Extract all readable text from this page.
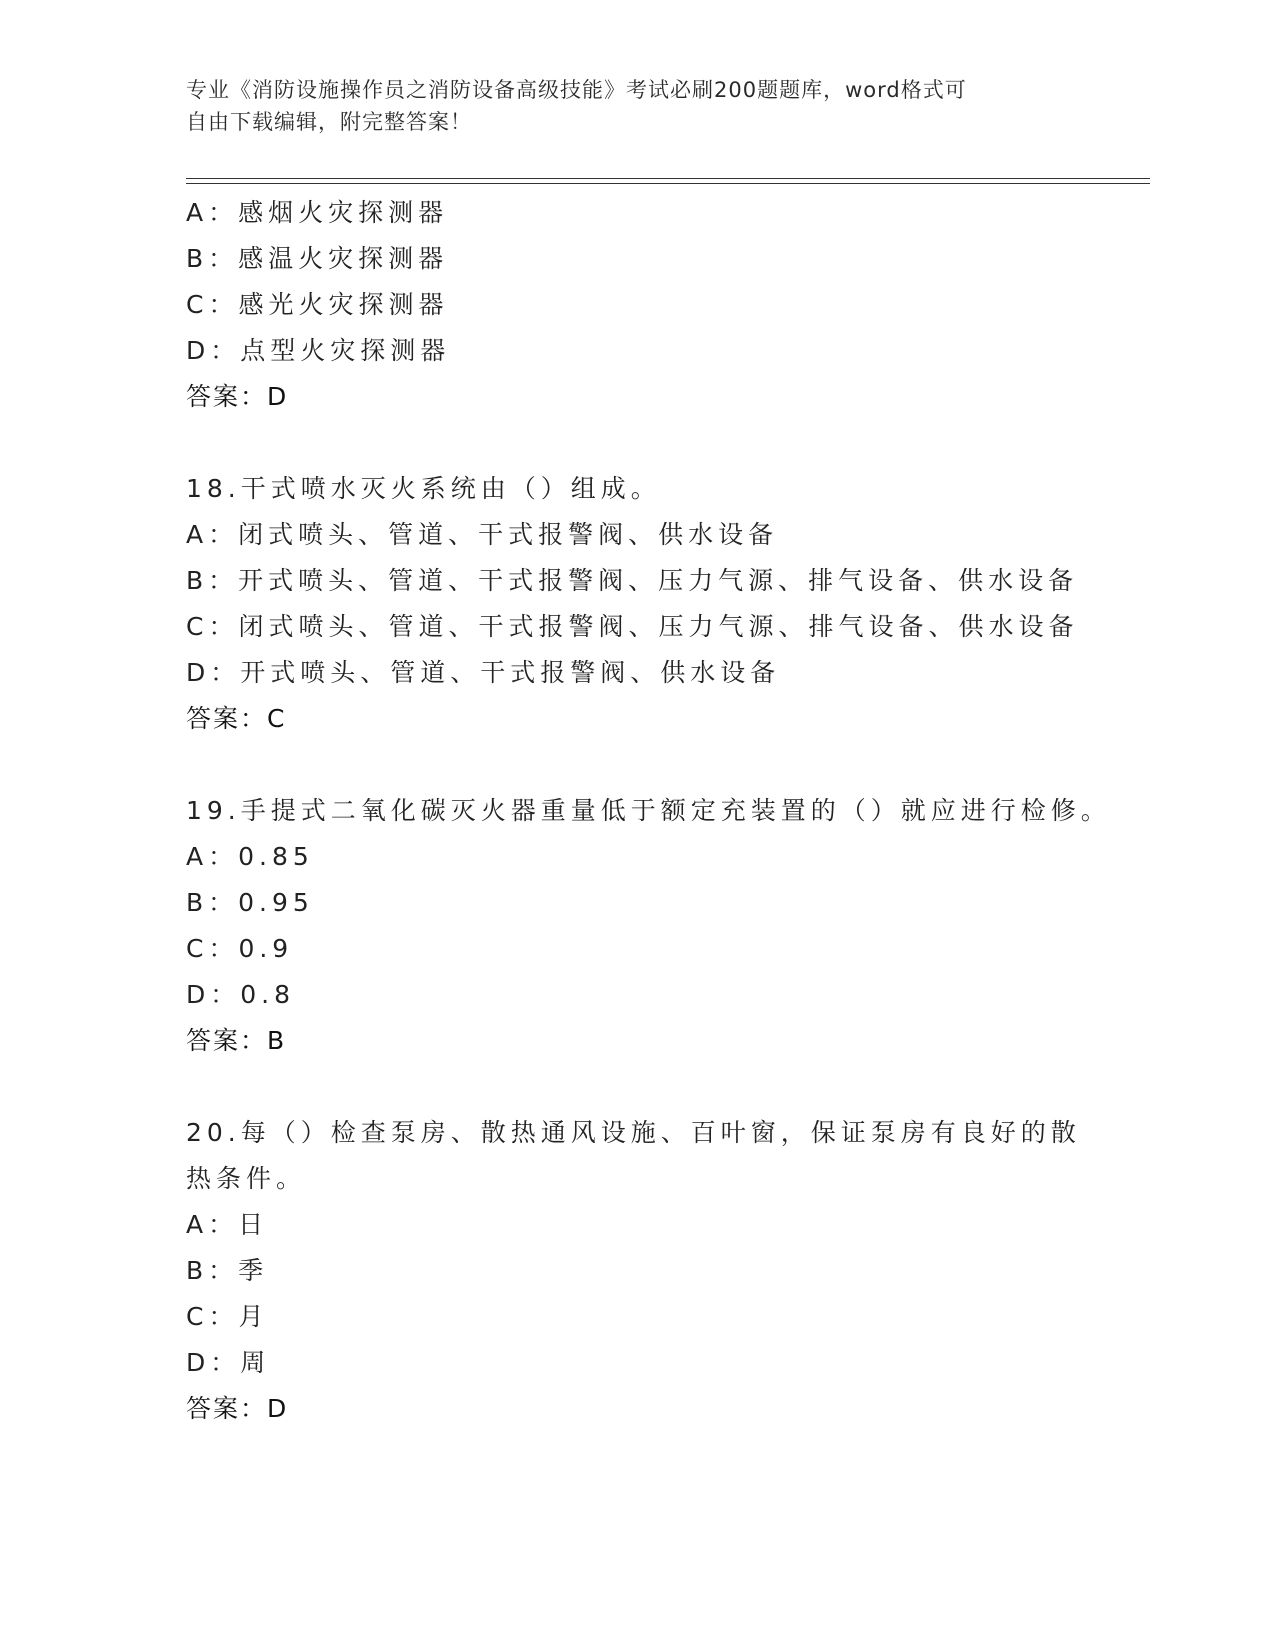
专业《消防设施操作员之消防设备高级技能》考试必刷200题题库，word格式可
自由下载编辑，附完整答案！
A：感烟火灾探测器
B：感温火灾探测器
C：感光火灾探测器
D：点型火灾探测器
答案：D
18.干式喷水灭火系统由（）组成。
A：闭式喷头、管道、干式报警阀、供水设备
B：开式喷头、管道、干式报警阀、压力气源、排气设备、供水设备
C：闭式喷头、管道、干式报警阀、压力气源、排气设备、供水设备
D：开式喷头、管道、干式报警阀、供水设备
答案：C
19.手提式二氧化碳灭火器重量低于额定充装置的（）就应进行检修。
A：0.85
B：0.95
C：0.9
D：0.8
答案：B
20.每（）检查泵房、散热通风设施、百叶窗，保证泵房有良好的散热条件。
A：日
B：季
C：月
D：周
答案：D
